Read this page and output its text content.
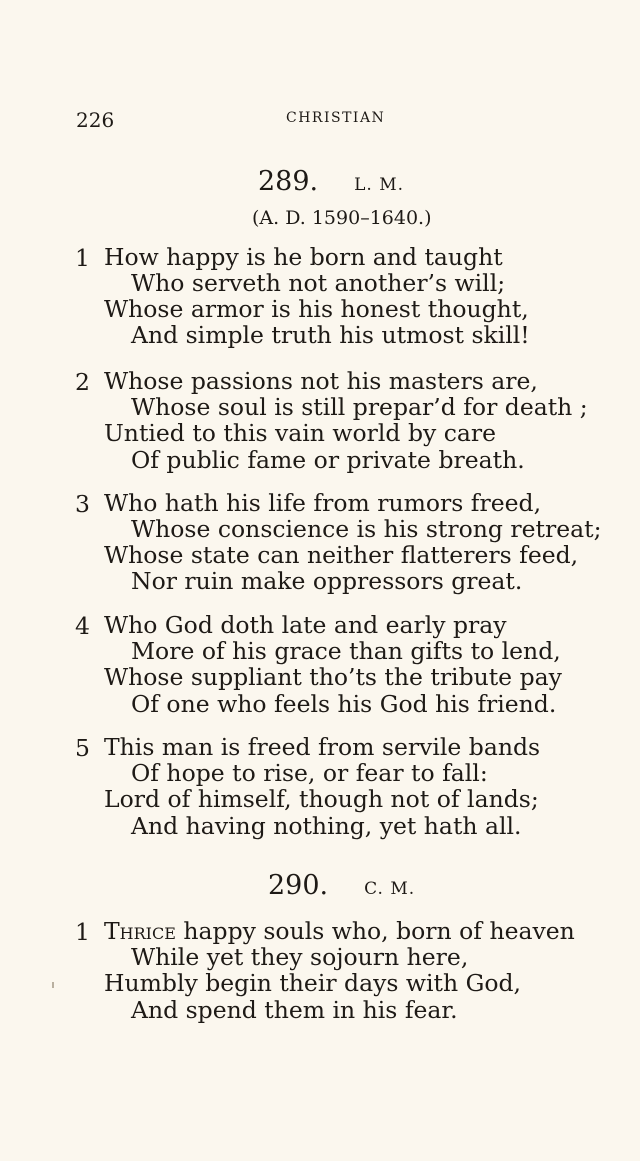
226	CHRISTIAN
289. L. M.
(A. D. 1590–1640.)
1 How happy is he born and taught
Who serveth not another’s will;
Whose armor is his honest thought,
And simple truth his utmost skill!
2 Whose passions not his masters are,
Whose soul is still prepar’d for death ;
Untied to this vain world by care
Of public fame or private breath.
3 Who hath his life from rumors freed,
Whose conscience is his strong retreat;
Whose state can neither flatterers feed,
Nor ruin make oppressors great.
4 Who God doth late and early pray
More of his grace than gifts to lend,
Whose suppliant tho’ts the tribute pay
Of one who feels his God his friend.
5 This man is freed from servile bands
Of hope to rise, or fear to fall:
Lord of himself, though not of lands;
And having nothing, yet hath all.
290. C. M.
1 Thrice happy souls who, born of heaven
While yet they sojourn here,
Humbly begin their days with God,
And spend them in his fear.
